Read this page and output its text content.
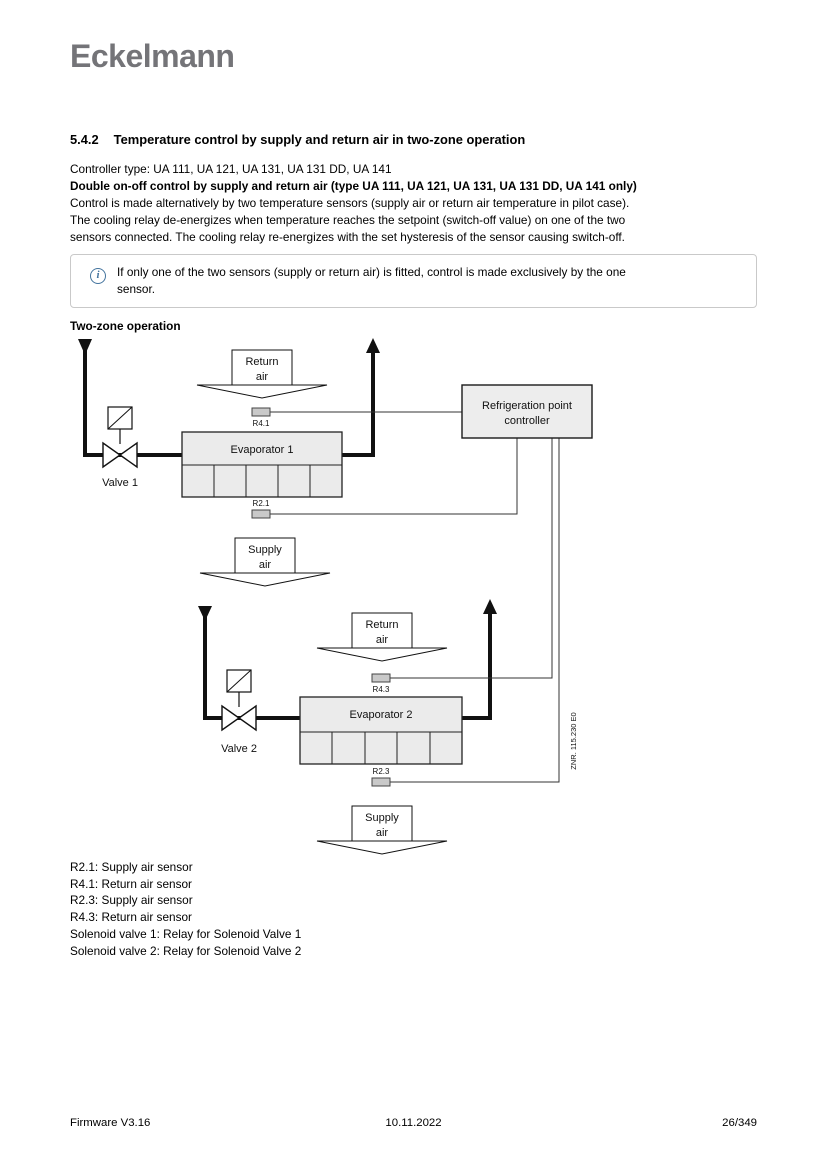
Eckelmann
5.4.2 Temperature control by supply and return air in two-zone operation
Controller type: UA 111, UA 121, UA 131, UA 131 DD, UA 141
Double on-off control by supply and return air (type UA 111, UA 121, UA 131, UA 131 DD, UA 141 only)
Control is made alternatively by two temperature sensors (supply air or return air temperature in pilot case).
The cooling relay de-energizes when temperature reaches the setpoint (switch-off value) on one of the two
sensors connected. The cooling relay re-energizes with the set hysteresis of the sensor causing switch-off.
i	If only one of the two sensors (supply or return air) is fitted, control is made exclusively by the one
sensor.
Two-zone operation
Return
air
Supply
air
Return
air
Supply
air
Evaporator 1
Evaporator 2
Valve 1
Valve 2
R4.1
R2.1
R4.3
R2.3
Refrigeration point
controller
ZNR. 115.230 E0
R2.1: Supply air sensor
R4.1: Return air sensor
R2.3: Supply air sensor
R4.3: Return air sensor
Solenoid valve 1: Relay for Solenoid Valve 1
Solenoid valve 2: Relay for Solenoid Valve 2
Firmware V3.16	10.11.2022	26/349
